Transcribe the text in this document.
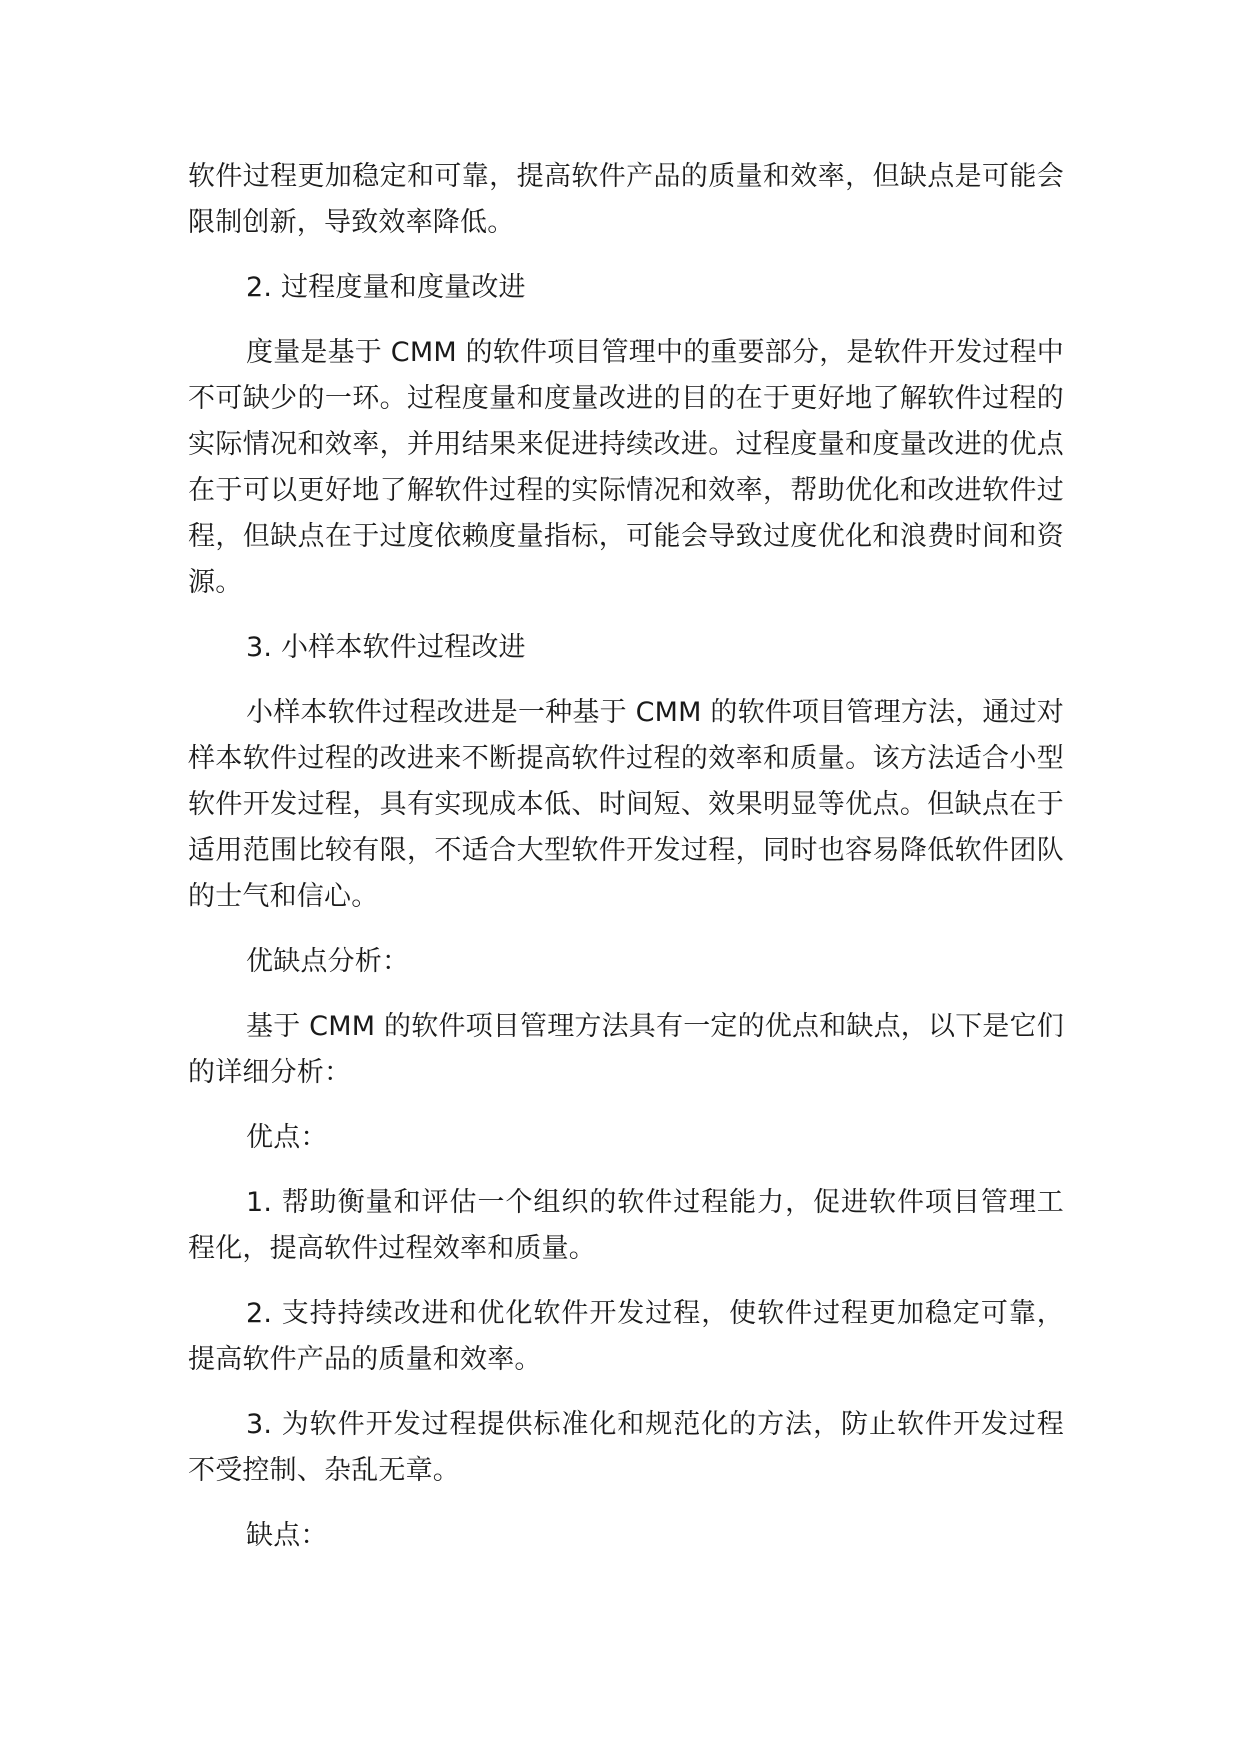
软件过程更加稳定和可靠，提高软件产品的质量和效率，但缺点是可能会限制创新，导致效率降低。

2. 过程度量和度量改进

度量是基于 CMM 的软件项目管理中的重要部分，是软件开发过程中不可缺少的一环。过程度量和度量改进的目的在于更好地了解软件过程的实际情况和效率，并用结果来促进持续改进。过程度量和度量改进的优点在于可以更好地了解软件过程的实际情况和效率，帮助优化和改进软件过程，但缺点在于过度依赖度量指标，可能会导致过度优化和浪费时间和资源。

3. 小样本软件过程改进

小样本软件过程改进是一种基于 CMM 的软件项目管理方法，通过对样本软件过程的改进来不断提高软件过程的效率和质量。该方法适合小型软件开发过程，具有实现成本低、时间短、效果明显等优点。但缺点在于适用范围比较有限，不适合大型软件开发过程，同时也容易降低软件团队的士气和信心。

优缺点分析：

基于 CMM 的软件项目管理方法具有一定的优点和缺点，以下是它们的详细分析：

优点：

1. 帮助衡量和评估一个组织的软件过程能力，促进软件项目管理工程化，提高软件过程效率和质量。

2. 支持持续改进和优化软件开发过程，使软件过程更加稳定可靠，提高软件产品的质量和效率。

3. 为软件开发过程提供标准化和规范化的方法，防止软件开发过程不受控制、杂乱无章。

缺点：
